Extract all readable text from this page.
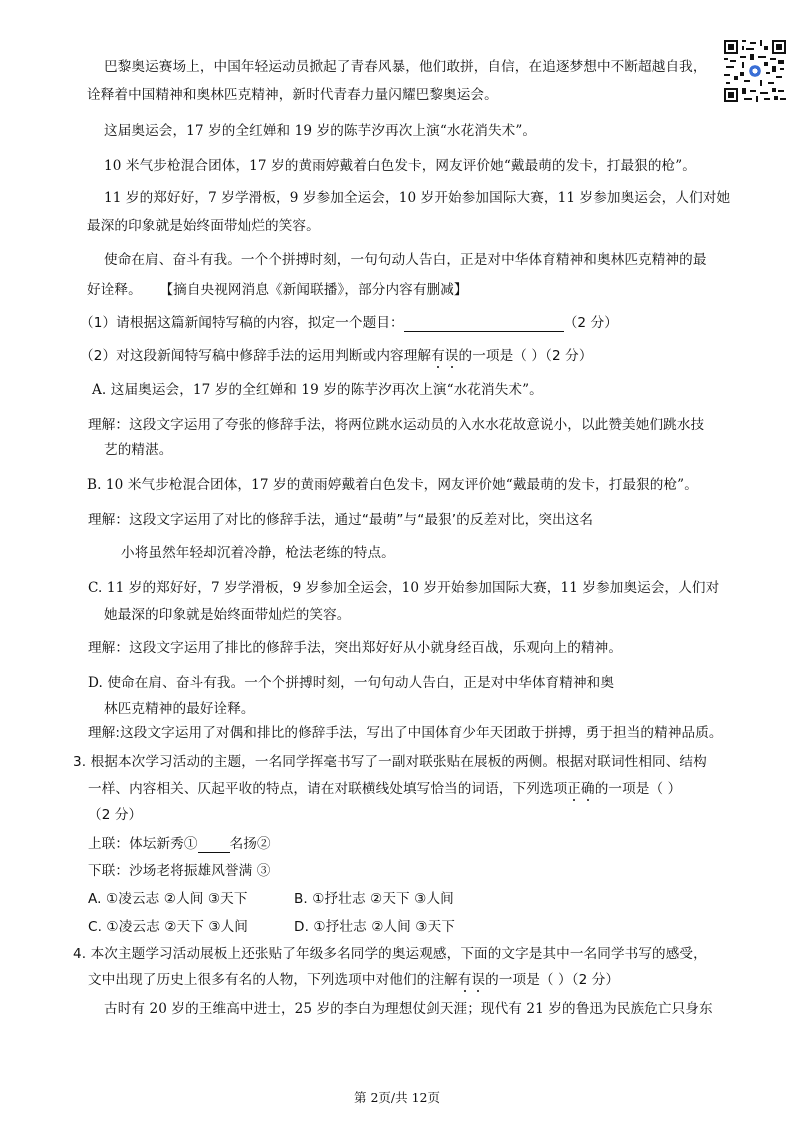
巴黎奥运赛场上，中国年轻运动员掀起了青春风暴，他们敢拼，自信，在追逐梦想中不断超越自我，
诠释着中国精神和奥林匹克精神，新时代青春力量闪耀巴黎奥运会。
这届奥运会，17 岁的全红婵和 19 岁的陈芋汐再次上演“水花消失术”。
10 米气步枪混合团体，17 岁的黄雨婷戴着白色发卡，网友评价她“戴最萌的发卡，打最狠的枪”。
11 岁的郑好好，7 岁学滑板，9 岁参加全运会，10 岁开始参加国际大赛，11 岁参加奥运会，人们对她
最深的印象就是始终面带灿烂的笑容。
使命在肩、奋斗有我。一个个拼搏时刻，一句句动人告白，正是对中华体育精神和奥林匹克精神的最
好诠释。 【摘自央视网消息《新闻联播》，部分内容有删减】
（1）请根据这篇新闻特写稿的内容，拟定一个题目：	（2 分）
（2）对这段新闻特写稿中修辞手法的运用判断或内容理解有误的一项是（ ）（2 分）
A. 这届奥运会，17 岁的全红婵和 19 岁的陈芋汐再次上演“水花消失术”。
理解：这段文字运用了夸张的修辞手法，将两位跳水运动员的入水水花故意说小，以此赞美她们跳水技
艺的精湛。
B. 10 米气步枪混合团体，17 岁的黄雨婷戴着白色发卡，网友评价她“戴最萌的发卡，打最狠的枪”。
理解：这段文字运用了对比的修辞手法，通过“最萌”与“最狠’的反差对比，突出这名
小将虽然年轻却沉着冷静，枪法老练的特点。
C. 11 岁的郑好好，7 岁学滑板，9 岁参加全运会，10 岁开始参加国际大赛，11 岁参加奥运会，人们对
她最深的印象就是始终面带灿烂的笑容。
理解：这段文字运用了排比的修辞手法，突出郑好好从小就身经百战，乐观向上的精神。
D. 使命在肩、奋斗有我。一个个拼搏时刻，一句句动人告白，正是对中华体育精神和奥
林匹克精神的最好诠释。
理解:这段文字运用了对偶和排比的修辞手法，写出了中国体育少年天团敢于拼搏，勇于担当的精神品质。
3. 根据本次学习活动的主题，一名同学挥毫书写了一副对联张贴在展板的两侧。根据对联词性相同、结构
一样、内容相关、仄起平收的特点，请在对联横线处填写恰当的词语，下列选项正确的一项是（ ）
（2 分）
上联：体坛新秀① 名扬②
下联：沙场老将振雄风誉满 ③
A. ①凌云志 ②人间 ③天下	B. ①抒壮志 ②天下 ③人间
C. ①凌云志 ②天下 ③人间	D. ①抒壮志 ②人间 ③天下
4. 本次主题学习活动展板上还张贴了年级多名同学的奥运观感，下面的文字是其中一名同学书写的感受，
文中出现了历史上很多有名的人物，下列选项中对他们的注解有误的一项是（ ）（2 分）
古时有 20 岁的王维高中进士，25 岁的李白为理想仗剑天涯；现代有 21 岁的鲁迅为民族危亡只身东
第 2页/共 12页
